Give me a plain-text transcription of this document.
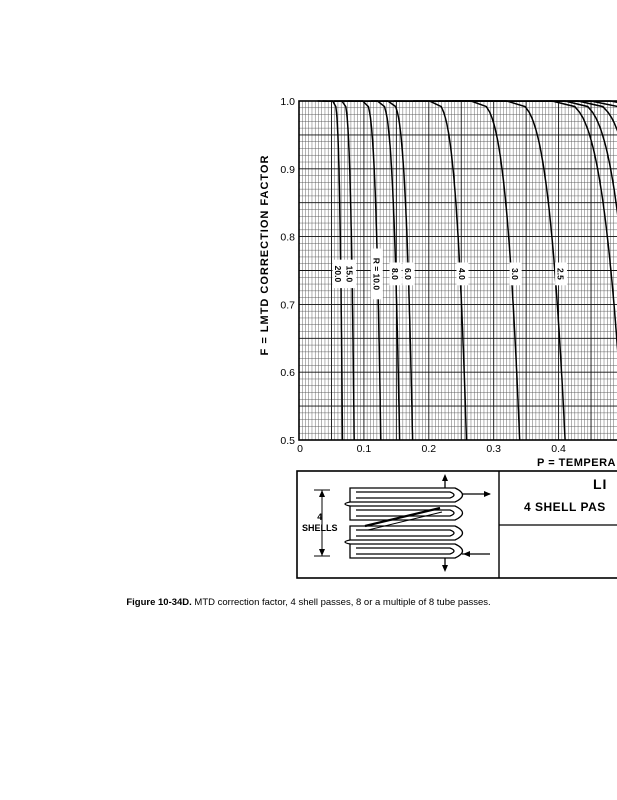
20.0 15.0 R = 10.0 8.0 6.0	4.0	3.0	2.5
1.0
0.9
0.8
0.7
0.6
0.5
0	0.1	0.2	0.3	0.4
F = LMTD CORRECTION FACTOR
P = TEMPERA
4
SHELLS
LI
4 SHELL PAS
Figure 10-34D. MTD correction factor, 4 shell passes, 8 or a multiple of 8 tube passes.
